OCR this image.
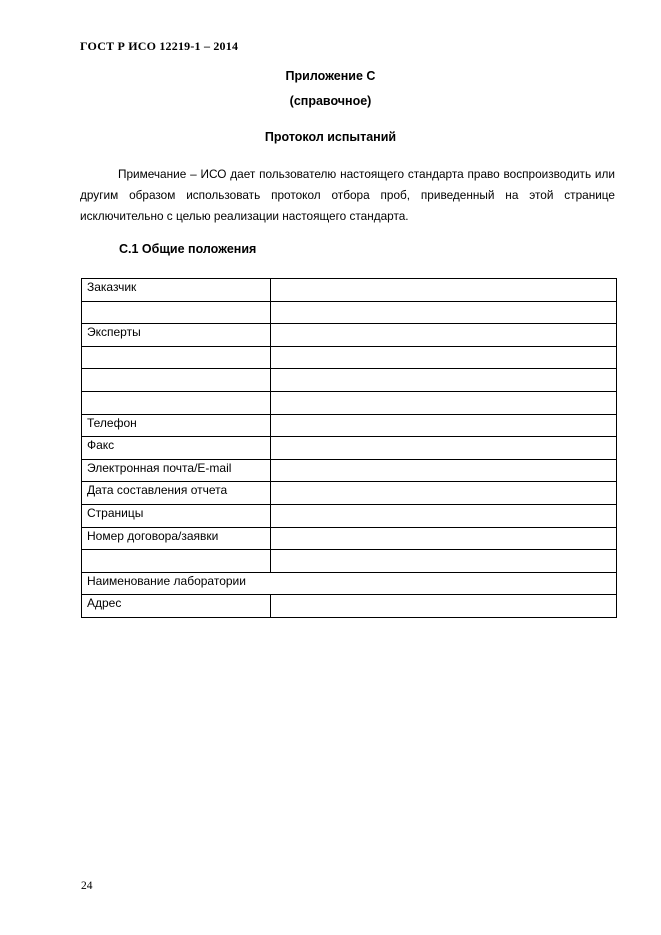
ГОСТ Р ИСО 12219-1 – 2014
Приложение С
(справочное)
Протокол испытаний

Примечание – ИСО дает пользователю настоящего стандарта право воспроизводить или другим образом использовать протокол отбора проб, приведенный на этой странице исключительно с целью реализации настоящего стандарта.

С.1 Общие положения
Заказчик	

Эксперты	

Телефон	
Факс	
Электронная почта/E-mail	
Дата составления отчета	
Страницы	
Номер договора/заявки	

Наименование лаборатории	
Адрес	
24
